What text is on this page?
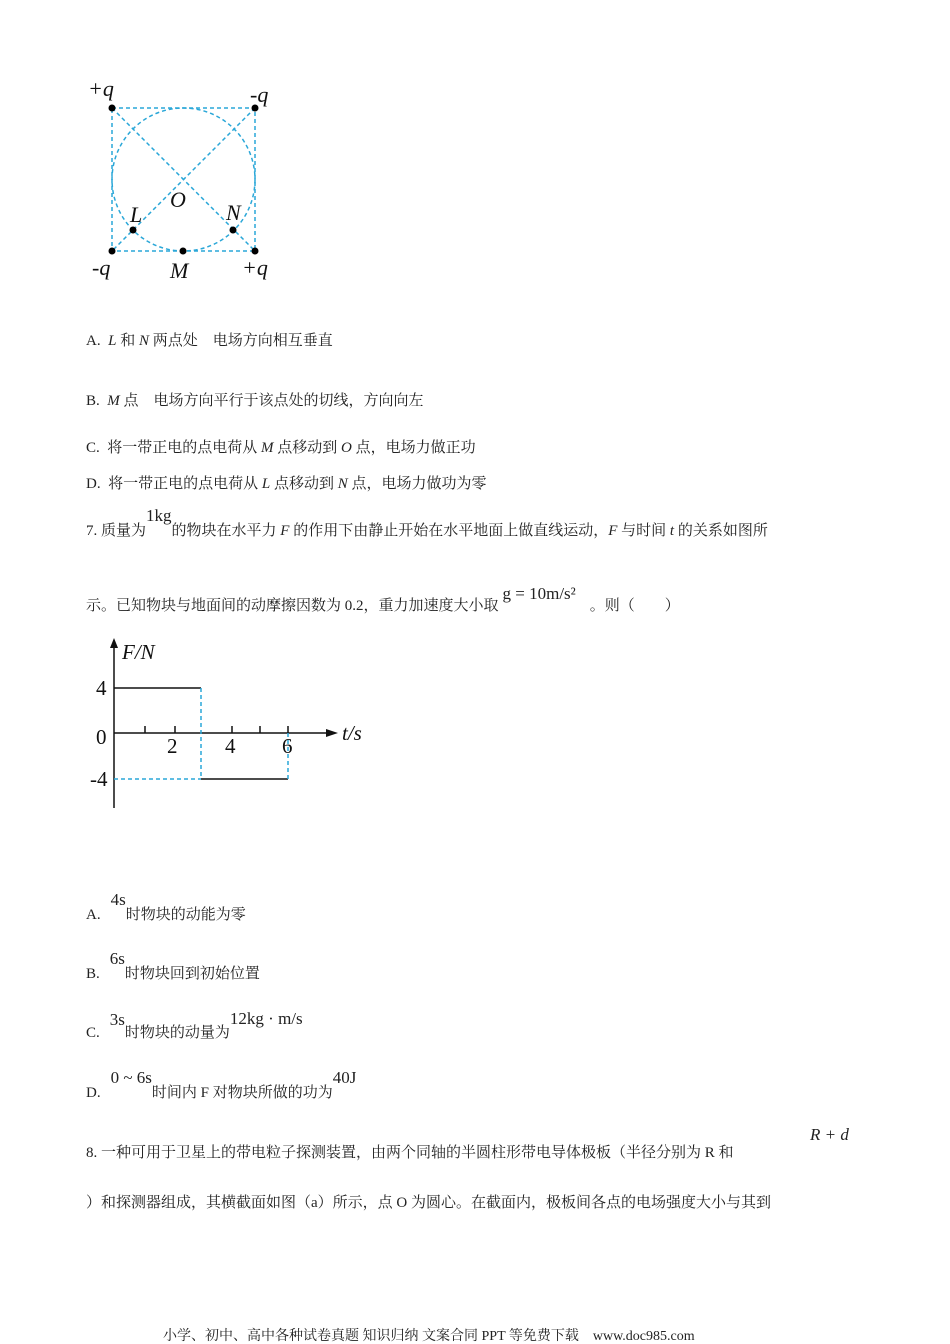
+q	-q
-q	+q
O
L	N
M
A. L 和 N 两点处　电场方向相互垂直
B. M 点　电场方向平行于该点处的切线，方向向左
C. 将一带正电的点电荷从 M 点移动到 O 点，电场力做正功
D. 将一带正电的点电荷从 L 点移动到 N 点，电场力做功为零
7. 质量为1kg的物块在水平力 F 的作用下由静止开始在水平地面上做直线运动，F 与时间 t 的关系如图所
示。已知物块与地面间的动摩擦因数为 0.2，重力加速度大小取g = 10m/s²。则（　　）
F/N
t/s
4
0
-4
2 4 6
A.4s时物块的动能为零
B.6s时物块回到初始位置
C.3s时物块的动量为12kg · m/s
D.0 ~ 6s时间内 F 对物块所做的功为40J
8. 一种可用于卫星上的带电粒子探测装置，由两个同轴的半圆柱形带电导体极板（半径分别为 R 和
R + d
）和探测器组成，其横截面如图（a）所示，点 O 为圆心。在截面内，极板间各点的电场强度大小与其到
小学、初中、高中各种试卷真题 知识归纳 文案合同 PPT 等免费下载 www.doc985.com
